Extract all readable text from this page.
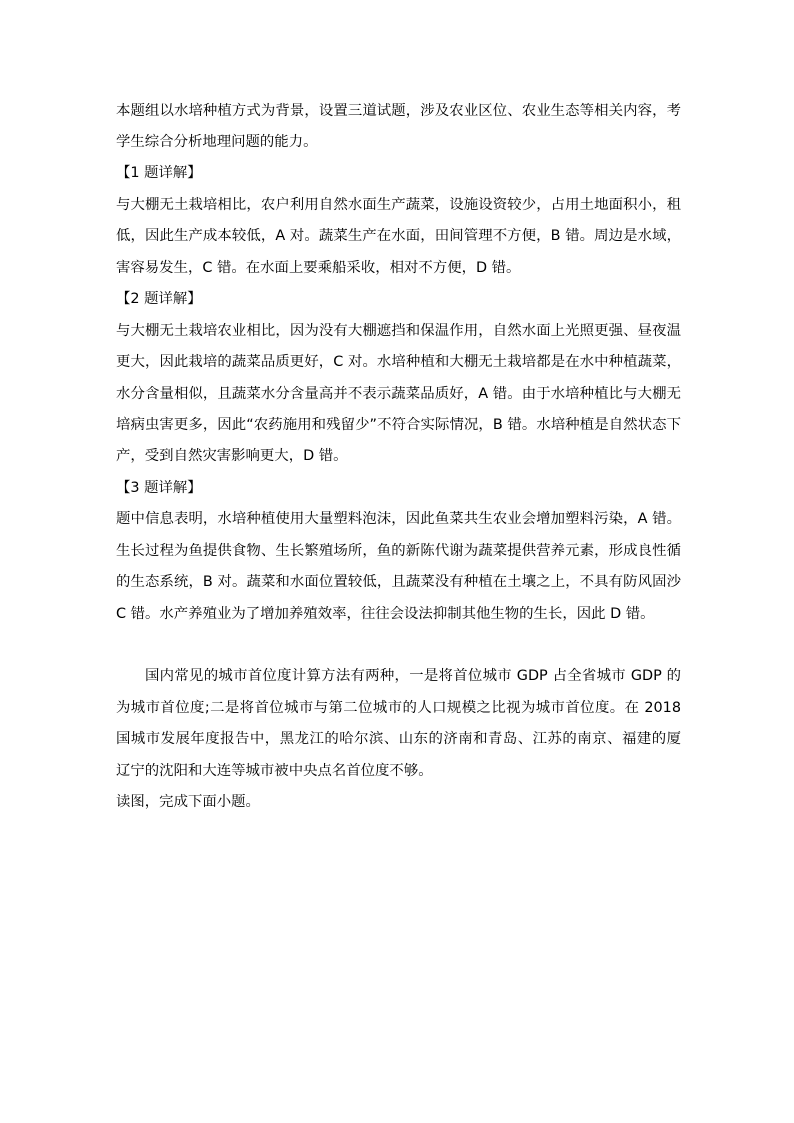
本题组以水培种植方式为背景，设置三道试题，涉及农业区位、农业生态等相关内容，考
学生综合分析地理问题的能力。
【1 题详解】
与大棚无土栽培相比，农户利用自然水面生产蔬菜，设施设资较少，占用土地面积小，租
低，因此生产成本较低，A 对。蔬菜生产在水面，田间管理不方便，B 错。周边是水域，
害容易发生，C 错。在水面上要乘船采收，相对不方便，D 错。
【2 题详解】
与大棚无土栽培农业相比，因为没有大棚遮挡和保温作用，自然水面上光照更强、昼夜温
更大，因此栽培的蔬菜品质更好，C 对。水培种植和大棚无土栽培都是在水中种植蔬菜，
水分含量相似，且蔬菜水分含量高并不表示蔬菜品质好，A 错。由于水培种植比与大棚无
培病虫害更多，因此“农药施用和残留少”不符合实际情况，B 错。水培种植是自然状态下
产，受到自然灾害影响更大，D 错。
【3 题详解】
题中信息表明，水培种植使用大量塑料泡沫，因此鱼菜共生农业会增加塑料污染，A 错。
生长过程为鱼提供食物、生长繁殖场所，鱼的新陈代谢为蔬菜提供营养元素，形成良性循
的生态系统，B 对。蔬菜和水面位置较低，且蔬菜没有种植在土壤之上，不具有防风固沙
C 错。水产养殖业为了增加养殖效率，往往会设法抑制其他生物的生长，因此 D 错。
国内常见的城市首位度计算方法有两种，一是将首位城市 GDP 占全省城市 GDP 的
为城市首位度;二是将首位城市与第二位城市的人口规模之比视为城市首位度。在 2018
国城市发展年度报告中，黑龙江的哈尔滨、山东的济南和青岛、江苏的南京、福建的厦
辽宁的沈阳和大连等城市被中央点名首位度不够。
读图，完成下面小题。
